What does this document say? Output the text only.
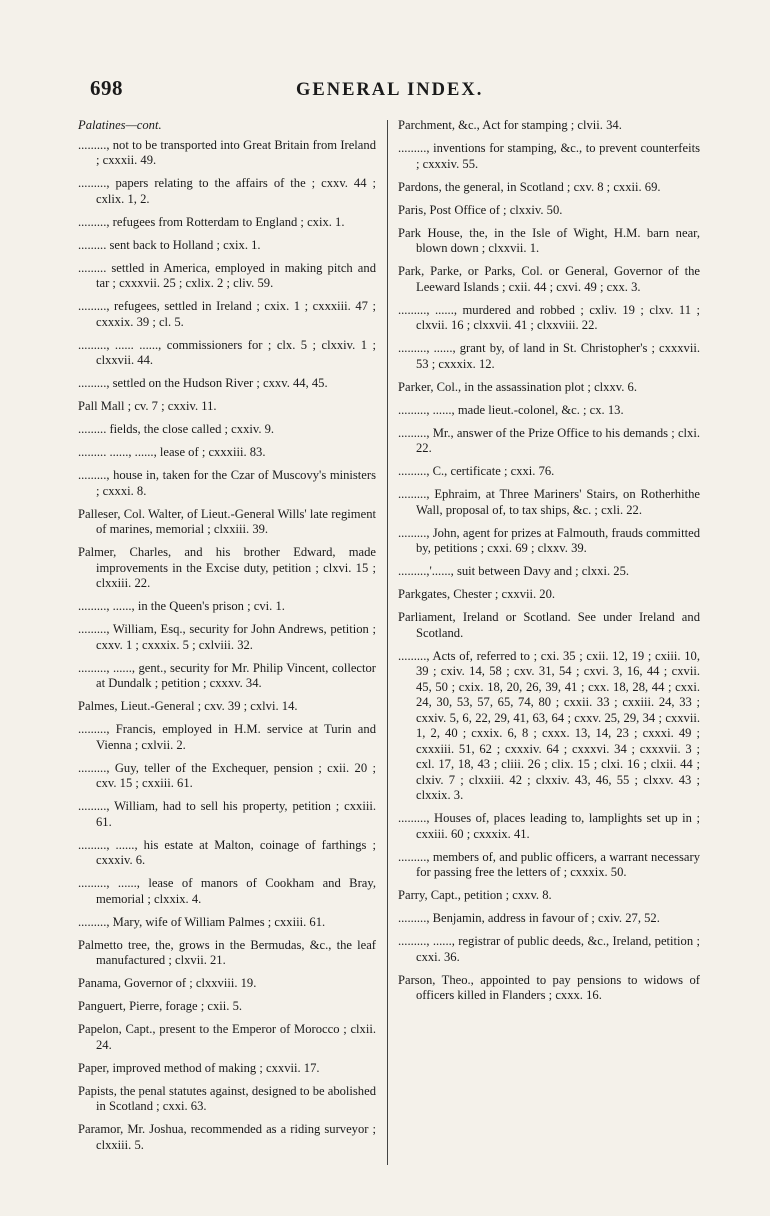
698	GENERAL INDEX.
Palatines—cont.
........., not to be transported into Great Britain from Ireland ; cxxxii. 49.
........., papers relating to the affairs of the ; cxxv. 44 ; cxlix. 1, 2.
........., refugees from Rotterdam to England ; cxix. 1.
......... sent back to Holland ; cxix. 1.
......... settled in America, employed in making pitch and tar ; cxxxvii. 25 ; cxlix. 2 ; cliv. 59.
........., refugees, settled in Ireland ; cxix. 1 ; cxxxiii. 47 ; cxxxix. 39 ; cl. 5.
........., ...... ......, commissioners for ; clx. 5 ; clxxiv. 1 ; clxxvii. 44.
........., settled on the Hudson River ; cxxv. 44, 45.
Pall Mall ; cv. 7 ; cxxiv. 11.
......... fields, the close called ; cxxiv. 9.
......... ......, ......, lease of ; cxxxiii. 83.
........., house in, taken for the Czar of Muscovy's ministers ; cxxxi. 8.
Palleser, Col. Walter, of Lieut.-General Wills' late regiment of marines, memorial ; clxxiii. 39.
Palmer, Charles, and his brother Edward, made improvements in the Excise duty, petition ; clxvi. 15 ; clxxiii. 22.
........., ......, in the Queen's prison ; cvi. 1.
........., William, Esq., security for John Andrews, petition ; cxxv. 1 ; cxxxix. 5 ; cxlviii. 32.
........., ......, gent., security for Mr. Philip Vincent, collector at Dundalk ; petition ; cxxxv. 34.
Palmes, Lieut.-General ; cxv. 39 ; cxlvi. 14.
........., Francis, employed in H.M. service at Turin and Vienna ; cxlvii. 2.
........., Guy, teller of the Exchequer, pension ; cxii. 20 ; cxv. 15 ; cxxiii. 61.
........., William, had to sell his property, petition ; cxxiii. 61.
........., ......, his estate at Malton, coinage of farthings ; cxxxiv. 6.
........., ......, lease of manors of Cookham and Bray, memorial ; clxxix. 4.
........., Mary, wife of William Palmes ; cxxiii. 61.
Palmetto tree, the, grows in the Bermudas, &c., the leaf manufactured ; clxvii. 21.
Panama, Governor of ; clxxviii. 19.
Panguert, Pierre, forage ; cxii. 5.
Papelon, Capt., present to the Emperor of Morocco ; clxii. 24.
Paper, improved method of making ; cxxvii. 17.
Papists, the penal statutes against, designed to be abolished in Scotland ; cxxi. 63.
Paramor, Mr. Joshua, recommended as a riding surveyor ; clxxiii. 5.
Parchment, &c., Act for stamping ; clvii. 34.
........., inventions for stamping, &c., to prevent counterfeits ; cxxxiv. 55.
Pardons, the general, in Scotland ; cxv. 8 ; cxxii. 69.
Paris, Post Office of ; clxxiv. 50.
Park House, the, in the Isle of Wight, H.M. barn near, blown down ; clxxvii. 1.
Park, Parke, or Parks, Col. or General, Governor of the Leeward Islands ; cxii. 44 ; cxvi. 49 ; cxx. 3.
........., ......, murdered and robbed ; cxliv. 19 ; clxv. 11 ; clxvii. 16 ; clxxvii. 41 ; clxxviii. 22.
........., ......, grant by, of land in St. Christopher's ; cxxxvii. 53 ; cxxxix. 12.
Parker, Col., in the assassination plot ; clxxv. 6.
........., ......, made lieut.-colonel, &c. ; cx. 13.
........., Mr., answer of the Prize Office to his demands ; clxi. 22.
........., C., certificate ; cxxi. 76.
........., Ephraim, at Three Mariners' Stairs, on Rotherhithe Wall, proposal of, to tax ships, &c. ; cxli. 22.
........., John, agent for prizes at Falmouth, frauds committed by, petitions ; cxxi. 69 ; clxxv. 39.
.........,'......, suit between Davy and ; clxxi. 25.
Parkgates, Chester ; cxxvii. 20.
Parliament, Ireland or Scotland. See under Ireland and Scotland.
........., Acts of, referred to ; cxi. 35 ; cxii. 12, 19 ; cxiii. 10, 39 ; cxiv. 14, 58 ; cxv. 31, 54 ; cxvi. 3, 16, 44 ; cxvii. 45, 50 ; cxix. 18, 20, 26, 39, 41 ; cxx. 18, 28, 44 ; cxxi. 24, 30, 53, 57, 65, 74, 80 ; cxxii. 33 ; cxxiii. 24, 33 ; cxxiv. 5, 6, 22, 29, 41, 63, 64 ; cxxv. 25, 29, 34 ; cxxvii. 1, 2, 40 ; cxxix. 6, 8 ; cxxx. 13, 14, 23 ; cxxxi. 49 ; cxxxiii. 51, 62 ; cxxxiv. 64 ; cxxxvi. 34 ; cxxxvii. 3 ; cxl. 17, 18, 43 ; cliii. 26 ; clix. 15 ; clxi. 16 ; clxii. 44 ; clxiv. 7 ; clxxiii. 42 ; clxxiv. 43, 46, 55 ; clxxv. 43 ; clxxix. 3.
........., Houses of, places leading to, lamplights set up in ; cxxiii. 60 ; cxxxix. 41.
........., members of, and public officers, a warrant necessary for passing free the letters of ; cxxxix. 50.
Parry, Capt., petition ; cxxv. 8.
........., Benjamin, address in favour of ; cxiv. 27, 52.
........., ......, registrar of public deeds, &c., Ireland, petition ; cxxi. 36.
Parson, Theo., appointed to pay pensions to widows of officers killed in Flanders ; cxxx. 16.
